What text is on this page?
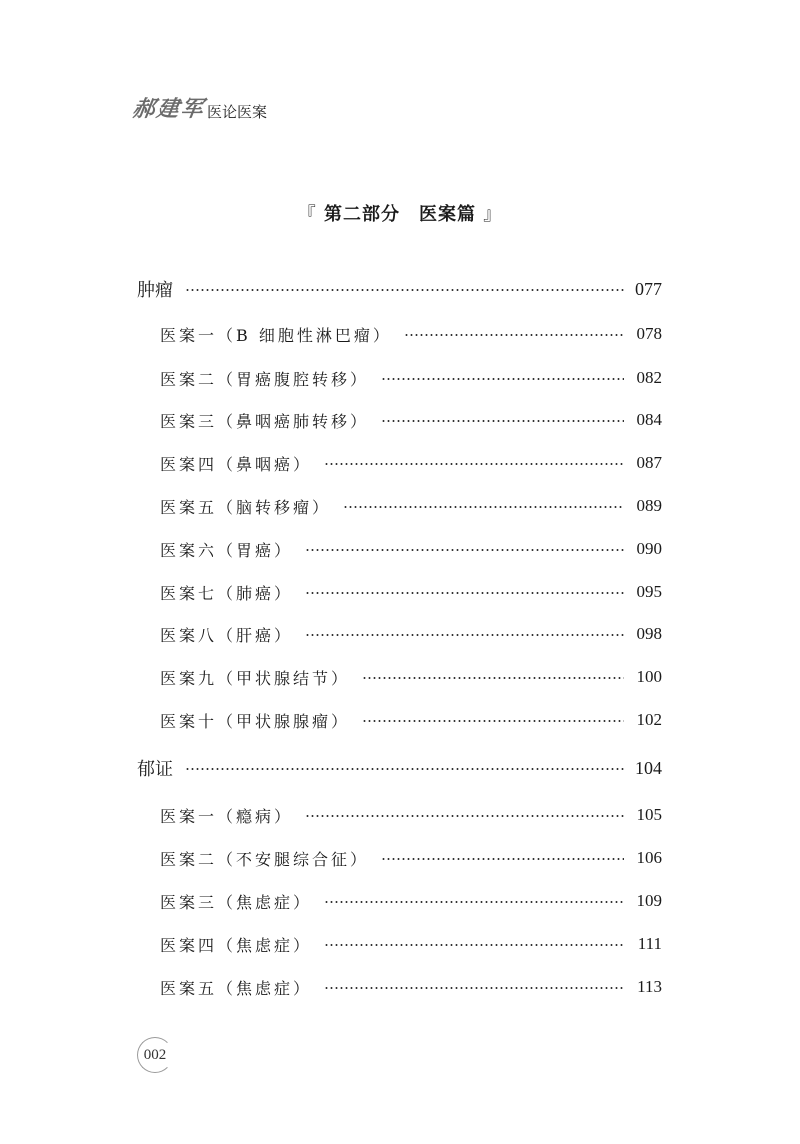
郝建军 医论医案
『 第二部分　医案篇 』
肿瘤	077
医案一（B 细胞性淋巴瘤）	078
医案二（胃癌腹腔转移）	082
医案三（鼻咽癌肺转移）	084
医案四（鼻咽癌）	087
医案五（脑转移瘤）	089
医案六（胃癌）	090
医案七（肺癌）	095
医案八（肝癌）	098
医案九（甲状腺结节）	100
医案十（甲状腺腺瘤）	102
郁证	104
医案一（瘾病）	105
医案二（不安腿综合征）	106
医案三（焦虑症）	109
医案四（焦虑症）	111
医案五（焦虑症）	113
002
